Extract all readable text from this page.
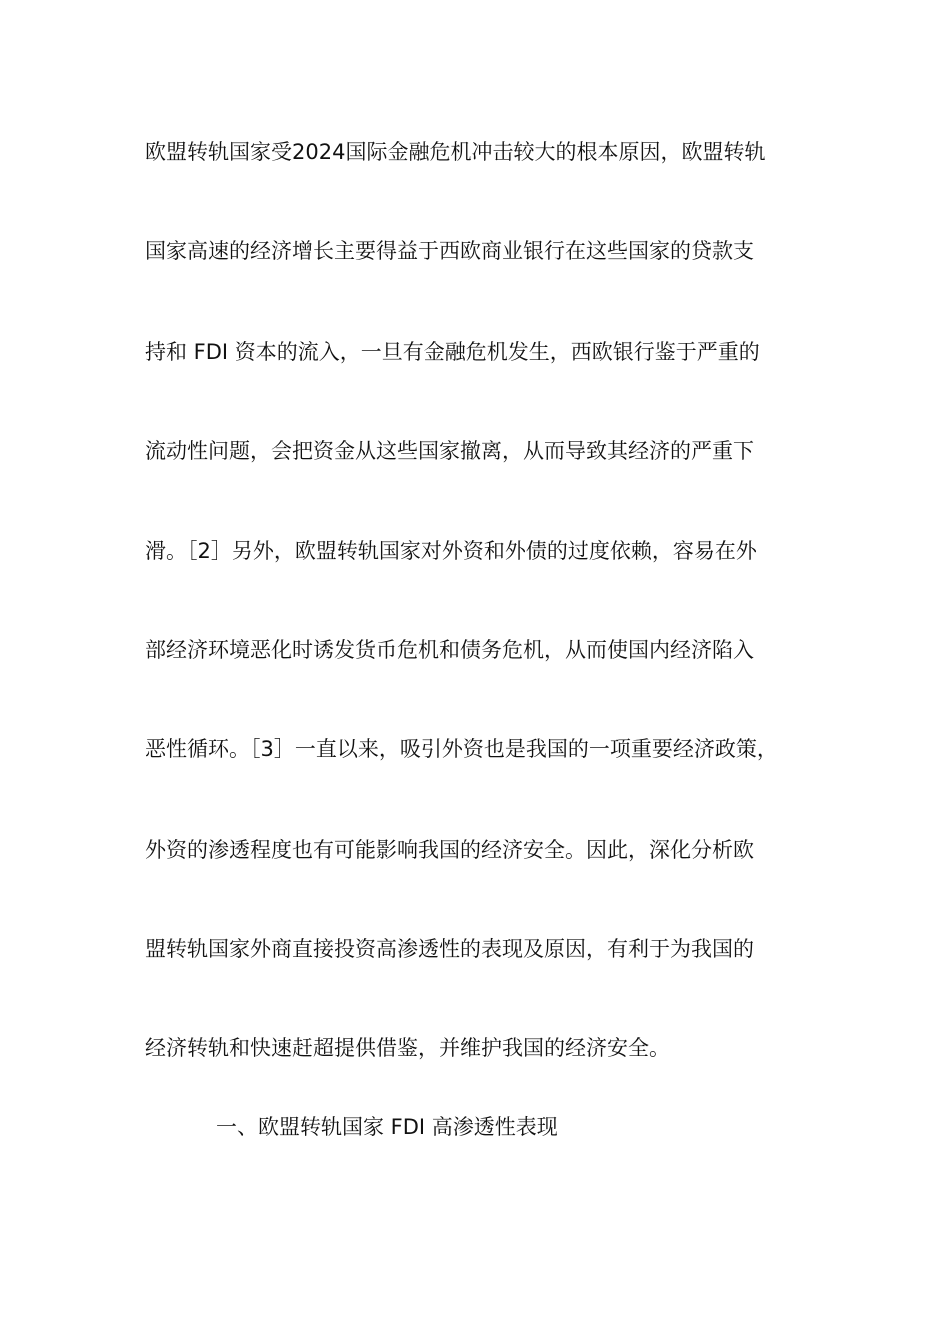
欧盟转轨国家受2024国际金融危机冲击较大的根本原因，欧盟转轨
国家高速的经济增长主要得益于西欧商业银行在这些国家的贷款支
持和 FDI 资本的流入，一旦有金融危机发生，西欧银行鉴于严重的
流动性问题，会把资金从这些国家撤离，从而导致其经济的严重下
滑。［2］另外，欧盟转轨国家对外资和外债的过度依赖，容易在外
部经济环境恶化时诱发货币危机和债务危机，从而使国内经济陷入
恶性循环。［3］一直以来，吸引外资也是我国的一项重要经济政策，
外资的渗透程度也有可能影响我国的经济安全。因此，深化分析欧
盟转轨国家外商直接投资高渗透性的表现及原因，有利于为我国的
经济转轨和快速赶超提供借鉴，并维护我国的经济安全。
一、欧盟转轨国家 FDI 高渗透性表现
